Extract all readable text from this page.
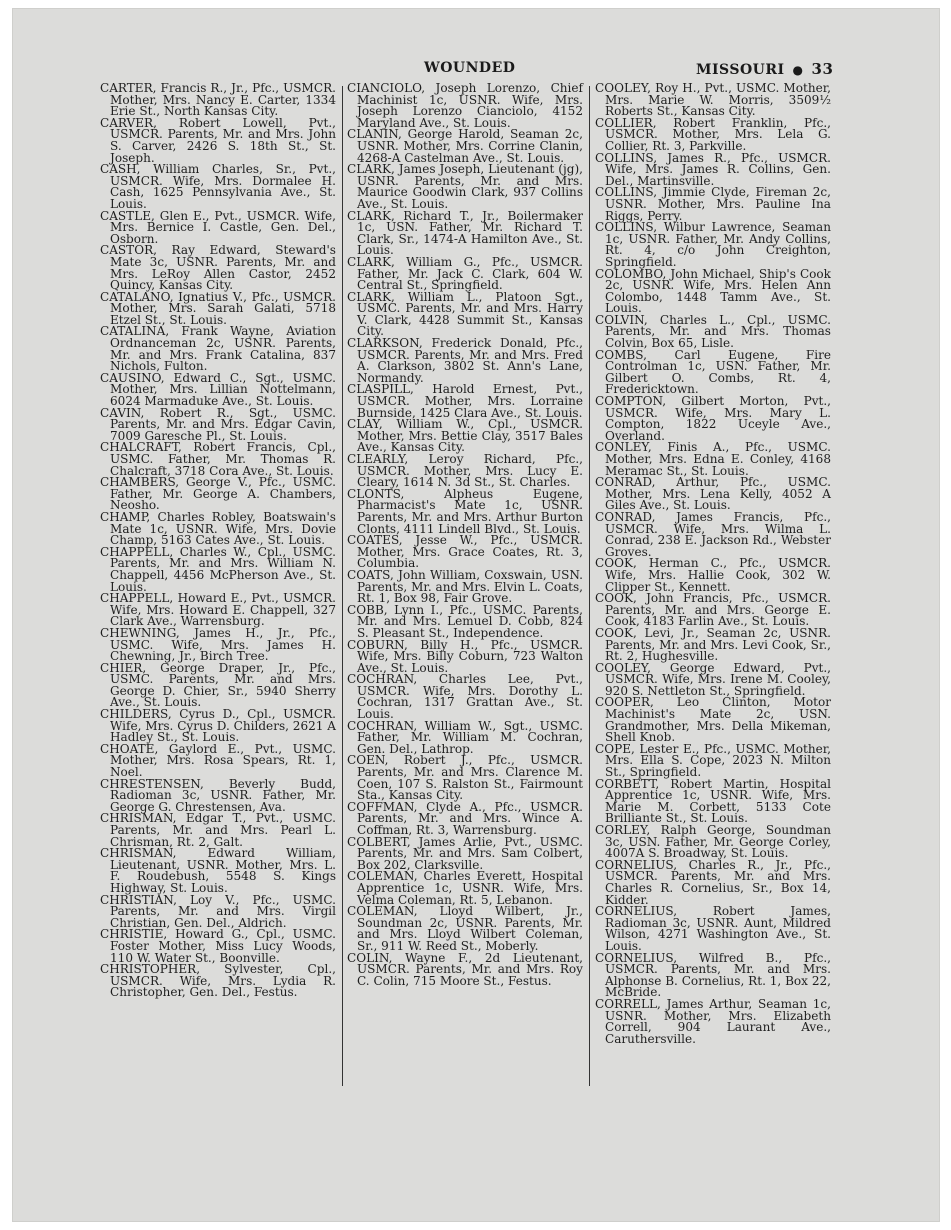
WOUNDED	MISSOURI ● 33
CARTER, Francis R., Jr., Pfc., USMCR. Mother, Mrs. Nancy E. Carter, 1334 Erie St., North Kansas City.
CARVER, Robert Lowell, Pvt., USMCR. Parents, Mr. and Mrs. John S. Carver, 2426 S. 18th St., St. Joseph.
CASH, William Charles, Sr., Pvt., USMCR. Wife, Mrs. Dormalee H. Cash, 1625 Pennsylvania Ave., St. Louis.
CASTLE, Glen E., Pvt., USMCR. Wife, Mrs. Bernice I. Castle, Gen. Del., Osborn.
CASTOR, Ray Edward, Steward's Mate 3c, USNR. Parents, Mr. and Mrs. LeRoy Allen Castor, 2452 Quincy, Kansas City.
CATALANO, Ignatius V., Pfc., USMCR. Mother, Mrs. Sarah Galati, 5718 Etzel St., St. Louis.
CATALINA, Frank Wayne, Aviation Ordnanceman 2c, USNR. Parents, Mr. and Mrs. Frank Catalina, 837 Nichols, Fulton.
CAUSINO, Edward C., Sgt., USMC. Mother, Mrs. Lillian Nottelmann, 6024 Marmaduke Ave., St. Louis.
CAVIN, Robert R., Sgt., USMC. Parents, Mr. and Mrs. Edgar Cavin, 7009 Garesche Pl., St. Louis.
CHALCRAFT, Robert Francis, Cpl., USMC. Father, Mr. Thomas R. Chalcraft, 3718 Cora Ave., St. Louis.
CHAMBERS, George V., Pfc., USMC. Father, Mr. George A. Chambers, Neosho.
CHAMP, Charles Robley, Boatswain's Mate 1c, USNR. Wife, Mrs. Dovie Champ, 5163 Cates Ave., St. Louis.
CHAPPELL, Charles W., Cpl., USMC. Parents, Mr. and Mrs. William N. Chappell, 4456 McPherson Ave., St. Louis.
CHAPPELL, Howard E., Pvt., USMCR. Wife, Mrs. Howard E. Chappell, 327 Clark Ave., Warrensburg.
CHEWNING, James H., Jr., Pfc., USMC. Wife, Mrs. James H. Chewning, Jr., Birch Tree.
CHIER, George Draper, Jr., Pfc., USMC. Parents, Mr. and Mrs. George D. Chier, Sr., 5940 Sherry Ave., St. Louis.
CHILDERS, Cyrus D., Cpl., USMCR. Wife, Mrs. Cyrus D. Childers, 2621 A Hadley St., St. Louis.
CHOATE, Gaylord E., Pvt., USMC. Mother, Mrs. Rosa Spears, Rt. 1, Noel.
CHRESTENSEN, Beverly Budd, Radioman 3c, USNR. Father, Mr. George G. Chrestensen, Ava.
CHRISMAN, Edgar T., Pvt., USMC. Parents, Mr. and Mrs. Pearl L. Chrisman, Rt. 2, Galt.
CHRISMAN, Edward William, Lieutenant, USNR. Mother, Mrs. L. F. Roudebush, 5548 S. Kings Highway, St. Louis.
CHRISTIAN, Loy V., Pfc., USMC. Parents, Mr. and Mrs. Virgil Christian, Gen. Del., Aldrich.
CHRISTIE, Howard G., Cpl., USMC. Foster Mother, Miss Lucy Woods, 110 W. Water St., Boonville.
CHRISTOPHER, Sylvester, Cpl., USMCR. Wife, Mrs. Lydia R. Christopher, Gen. Del., Festus.
CIANCIOLO, Joseph Lorenzo, Chief Machinist 1c, USNR. Wife, Mrs. Joseph Lorenzo Cianciolo, 4152 Maryland Ave., St. Louis.
CLANIN, George Harold, Seaman 2c, USNR. Mother, Mrs. Corrine Clanin, 4268-A Castelman Ave., St. Louis.
CLARK, James Joseph, Lieutenant (jg), USNR. Parents, Mr. and Mrs. Maurice Goodwin Clark, 937 Collins Ave., St. Louis.
CLARK, Richard T., Jr., Boilermaker 1c, USN. Father, Mr. Richard T. Clark, Sr., 1474-A Hamilton Ave., St. Louis.
CLARK, William G., Pfc., USMCR. Father, Mr. Jack C. Clark, 604 W. Central St., Springfield.
CLARK, William L., Platoon Sgt., USMC. Parents, Mr. and Mrs. Harry V. Clark, 4428 Summit St., Kansas City.
CLARKSON, Frederick Donald, Pfc., USMCR. Parents, Mr. and Mrs. Fred A. Clarkson, 3802 St. Ann's Lane, Normandy.
CLASPILL, Harold Ernest, Pvt., USMCR. Mother, Mrs. Lorraine Burnside, 1425 Clara Ave., St. Louis.
CLAY, William W., Cpl., USMCR. Mother, Mrs. Bettie Clay, 3517 Bales Ave., Kansas City.
CLEARLY, Leroy Richard, Pfc., USMCR. Mother, Mrs. Lucy E. Cleary, 1614 N. 3d St., St. Charles.
CLONTS, Alpheus Eugene, Pharmacist's Mate 1c, USNR. Parents, Mr. and Mrs. Arthur Burton Clonts, 4111 Lindell Blvd., St. Louis.
COATES, Jesse W., Pfc., USMCR. Mother, Mrs. Grace Coates, Rt. 3, Columbia.
COATS, John William, Coxswain, USN. Parents, Mr. and Mrs. Elvin L. Coats, Rt. 1, Box 98, Fair Grove.
COBB, Lynn I., Pfc., USMC. Parents, Mr. and Mrs. Lemuel D. Cobb, 824 S. Pleasant St., Independence.
COBURN, Billy H., Pfc., USMCR. Wife, Mrs. Billy Coburn, 723 Walton Ave., St. Louis.
COCHRAN, Charles Lee, Pvt., USMCR. Wife, Mrs. Dorothy L. Cochran, 1317 Grattan Ave., St. Louis.
COCHRAN, William W., Sgt., USMC. Father, Mr. William M. Cochran, Gen. Del., Lathrop.
COEN, Robert J., Pfc., USMCR. Parents, Mr. and Mrs. Clarence M. Coen, 107 S. Ralston St., Fairmount Sta., Kansas City.
COFFMAN, Clyde A., Pfc., USMCR. Parents, Mr. and Mrs. Wince A. Coffman, Rt. 3, Warrensburg.
COLBERT, James Arlie, Pvt., USMC. Parents, Mr. and Mrs. Sam Colbert, Box 202, Clarksville.
COLEMAN, Charles Everett, Hospital Apprentice 1c, USNR. Wife, Mrs. Velma Coleman, Rt. 5, Lebanon.
COLEMAN, Lloyd Wilbert, Jr., Soundman 2c, USNR. Parents, Mr. and Mrs. Lloyd Wilbert Coleman, Sr., 911 W. Reed St., Moberly.
COLIN, Wayne F., 2d Lieutenant, USMCR. Parents, Mr. and Mrs. Roy C. Colin, 715 Moore St., Festus.
COOLEY, Roy H., Pvt., USMC. Mother, Mrs. Marie W. Morris, 3509½ Roberts St., Kansas City.
COLLIER, Robert Franklin, Pfc., USMCR. Mother, Mrs. Lela G. Collier, Rt. 3, Parkville.
COLLINS, James R., Pfc., USMCR. Wife, Mrs. James R. Collins, Gen. Del., Martinsville.
COLLINS, Jimmie Clyde, Fireman 2c, USNR. Mother, Mrs. Pauline Ina Riggs, Perry.
COLLINS, Wilbur Lawrence, Seaman 1c, USNR. Father, Mr. Andy Collins, Rt. 4, c/o John Creighton, Springfield.
COLOMBO, John Michael, Ship's Cook 2c, USNR. Wife, Mrs. Helen Ann Colombo, 1448 Tamm Ave., St. Louis.
COLVIN, Charles L., Cpl., USMC. Parents, Mr. and Mrs. Thomas Colvin, Box 65, Lisle.
COMBS, Carl Eugene, Fire Controlman 1c, USN. Father, Mr. Gilbert O. Combs, Rt. 4, Fredericktown.
COMPTON, Gilbert Morton, Pvt., USMCR. Wife, Mrs. Mary L. Compton, 1822 Uceyle Ave., Overland.
CONLEY, Finis A., Pfc., USMC. Mother, Mrs. Edna E. Conley, 4168 Meramac St., St. Louis.
CONRAD, Arthur, Pfc., USMC. Mother, Mrs. Lena Kelly, 4052 A Giles Ave., St. Louis.
CONRAD, James Francis, Pfc., USMCR. Wife, Mrs. Wilma L. Conrad, 238 E. Jackson Rd., Webster Groves.
COOK, Herman C., Pfc., USMCR. Wife, Mrs. Hallie Cook, 302 W. Clipper St., Kennett.
COOK, John Francis, Pfc., USMCR. Parents, Mr. and Mrs. George E. Cook, 4183 Farlin Ave., St. Louis.
COOK, Levi, Jr., Seaman 2c, USNR. Parents, Mr. and Mrs. Levi Cook, Sr., Rt. 2, Hughesville.
COOLEY, George Edward, Pvt., USMCR. Wife, Mrs. Irene M. Cooley, 920 S. Nettleton St., Springfield.
COOPER, Leo Clinton, Motor Machinist's Mate 2c, USN. Grandmother, Mrs. Della Mikeman, Shell Knob.
COPE, Lester E., Pfc., USMC. Mother, Mrs. Ella S. Cope, 2023 N. Milton St., Springfield.
CORBETT, Robert Martin, Hospital Apprentice 1c, USNR. Wife, Mrs. Marie M. Corbett, 5133 Cote Brilliante St., St. Louis.
CORLEY, Ralph George, Soundman 3c, USN. Father, Mr. George Corley, 4007A S. Broadway, St. Louis.
CORNELIUS, Charles R., Jr., Pfc., USMCR. Parents, Mr. and Mrs. Charles R. Cornelius, Sr., Box 14, Kidder.
CORNELIUS, Robert James, Radioman 3c, USNR. Aunt, Mildred Wilson, 4271 Washington Ave., St. Louis.
CORNELIUS, Wilfred B., Pfc., USMCR. Parents, Mr. and Mrs. Alphonse B. Cornelius, Rt. 1, Box 22, McBride.
CORRELL, James Arthur, Seaman 1c, USNR. Mother, Mrs. Elizabeth Correll, 904 Laurant Ave., Caruthersville.
